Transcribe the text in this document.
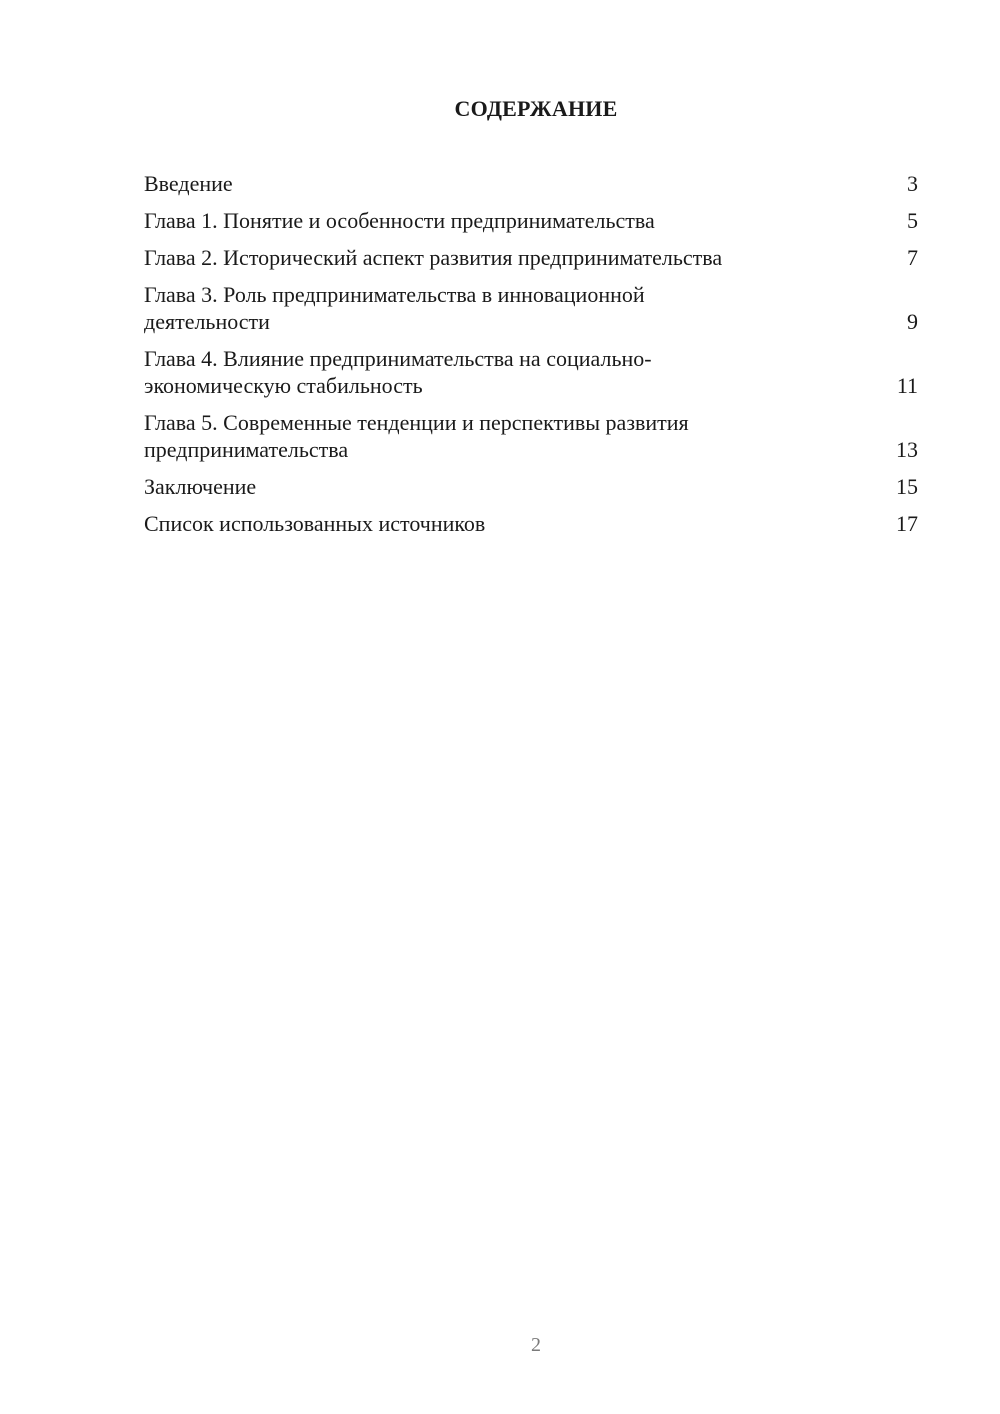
СОДЕРЖАНИЕ
Введение	3
Глава 1. Понятие и особенности предпринимательства	5
Глава 2. Исторический аспект развития предпринимательства	7
Глава 3. Роль предпринимательства в инновационной деятельности	9
Глава 4. Влияние предпринимательства на социально-экономическую стабильность	11
Глава 5. Современные тенденции и перспективы развития предпринимательства	13
Заключение	15
Список использованных источников	17
2
